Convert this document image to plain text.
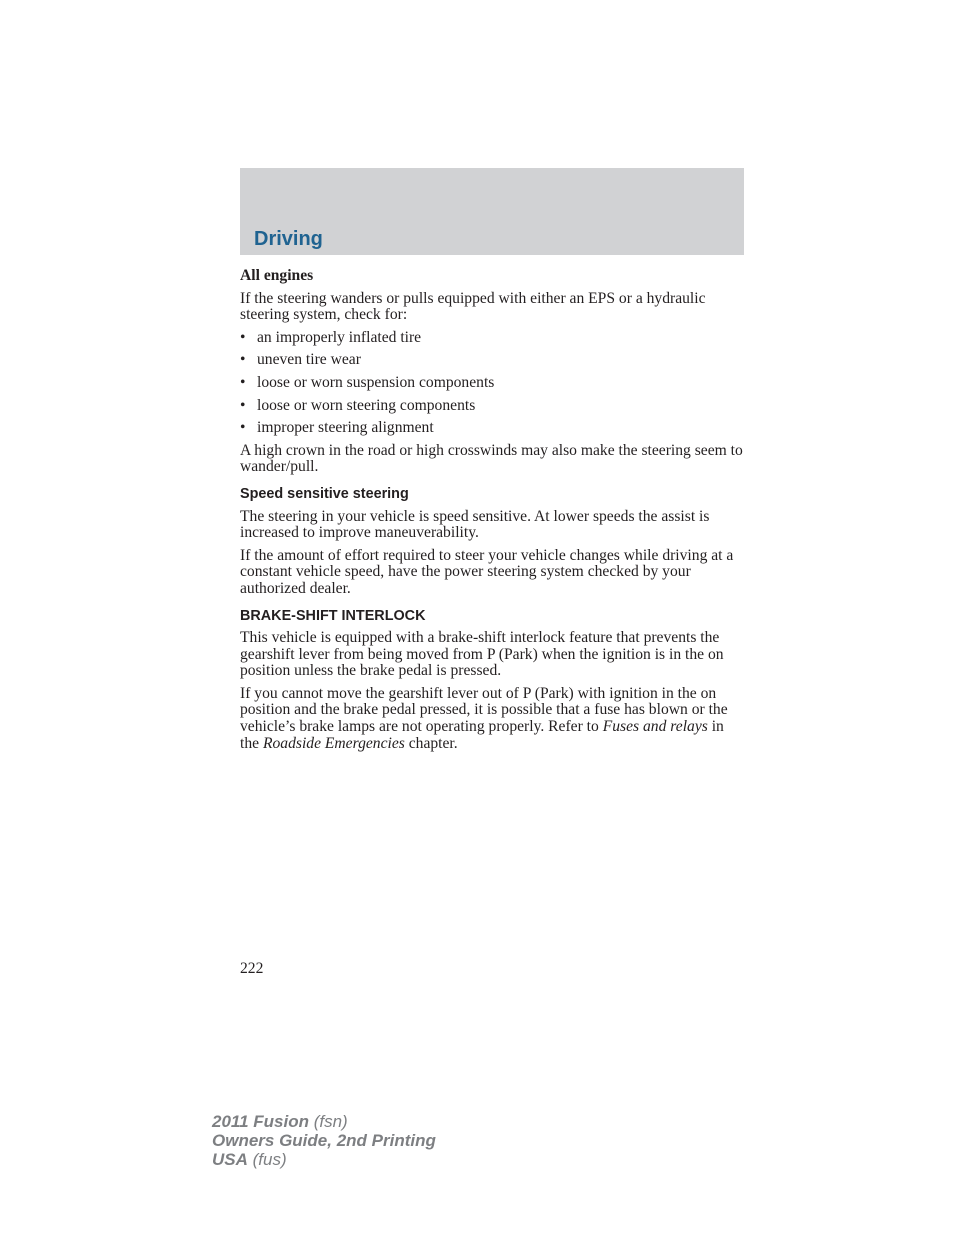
Driving

All engines

If the steering wanders or pulls equipped with either an EPS or a hydraulic steering system, check for:

• an improperly inflated tire
• uneven tire wear
• loose or worn suspension components
• loose or worn steering components
• improper steering alignment

A high crown in the road or high crosswinds may also make the steering seem to wander/pull.

Speed sensitive steering

The steering in your vehicle is speed sensitive. At lower speeds the assist is increased to improve maneuverability.

If the amount of effort required to steer your vehicle changes while driving at a constant vehicle speed, have the power steering system checked by your authorized dealer.

BRAKE-SHIFT INTERLOCK

This vehicle is equipped with a brake-shift interlock feature that prevents the gearshift lever from being moved from P (Park) when the ignition is in the on position unless the brake pedal is pressed.

If you cannot move the gearshift lever out of P (Park) with ignition in the on position and the brake pedal pressed, it is possible that a fuse has blown or the vehicle’s brake lamps are not operating properly. Refer to Fuses and relays in the Roadside Emergencies chapter.

222
2011 Fusion (fsn)
Owners Guide, 2nd Printing
USA (fus)
